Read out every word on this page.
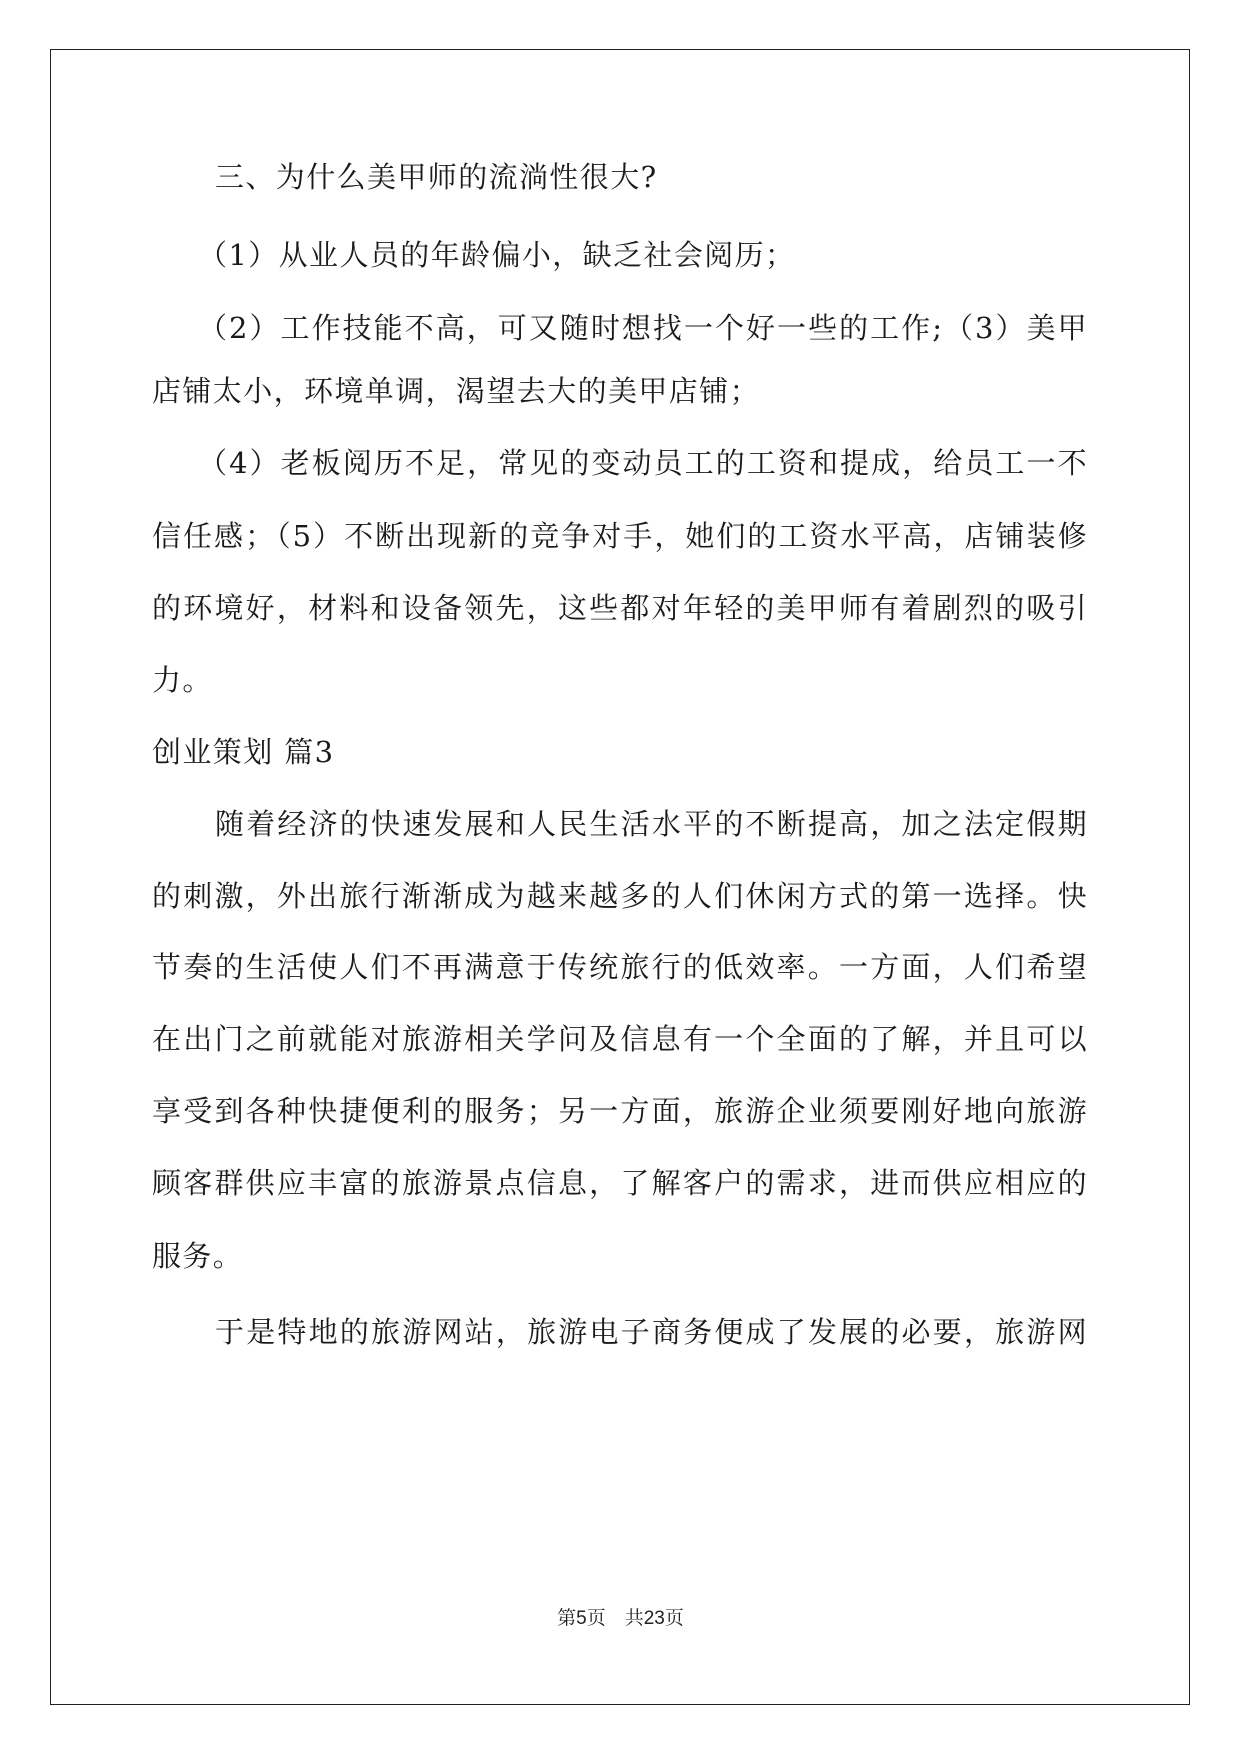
三、为什么美甲师的流淌性很大?
（1）从业人员的年龄偏小，缺乏社会阅历；
（2）工作技能不高，可又随时想找一个好一些的工作;（3）美甲
店铺太小，环境单调，渴望去大的美甲店铺；
（4）老板阅历不足，常见的变动员工的工资和提成，给员工一不
信任感；（5）不断出现新的竞争对手，她们的工资水平高，店铺装修
的环境好，材料和设备领先，这些都对年轻的美甲师有着剧烈的吸引
力。
创业策划 篇3
随着经济的快速发展和人民生活水平的不断提高，加之法定假期
的刺激，外出旅行渐渐成为越来越多的人们休闲方式的第一选择。快
节奏的生活使人们不再满意于传统旅行的低效率。一方面，人们希望
在出门之前就能对旅游相关学问及信息有一个全面的了解，并且可以
享受到各种快捷便利的服务；另一方面，旅游企业须要刚好地向旅游
顾客群供应丰富的旅游景点信息，了解客户的需求，进而供应相应的
服务。
于是特地的旅游网站，旅游电子商务便成了发展的必要，旅游网
第5页　共23页
